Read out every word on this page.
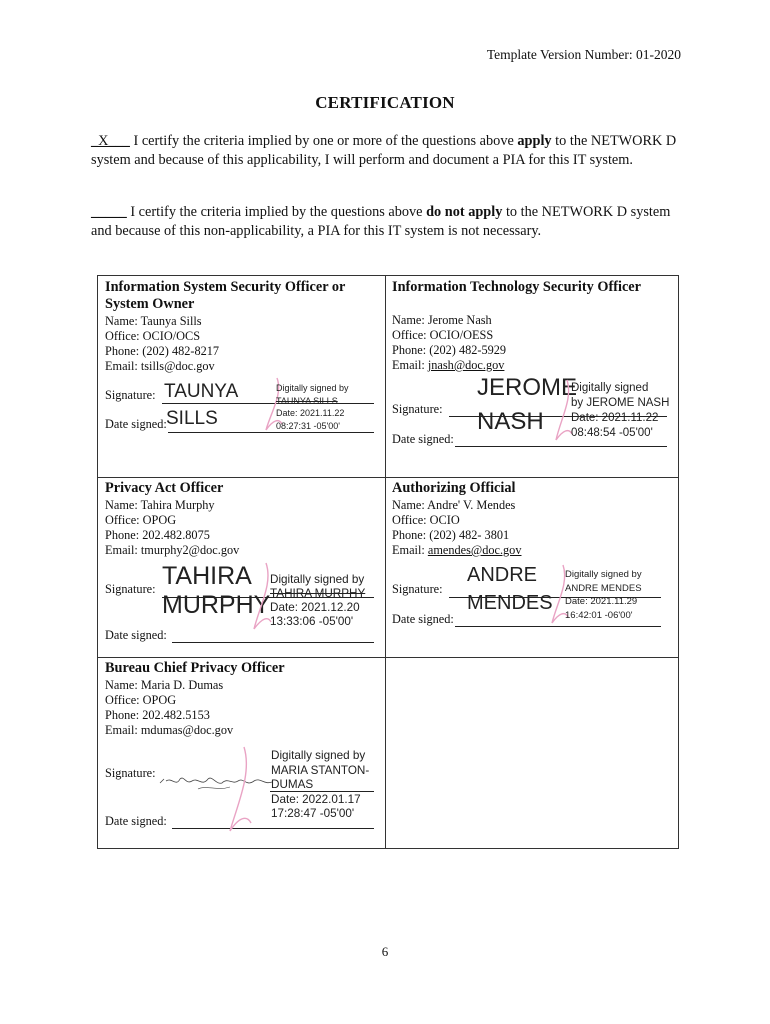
Template Version Number: 01-2020
CERTIFICATION
_X___ I certify the criteria implied by one or more of the questions above apply to the NETWORK D system and because of this applicability, I will perform and document a PIA for this IT system.
_____ I certify the criteria implied by the questions above do not apply to the NETWORK D system and because of this non-applicability, a PIA for this IT system is not necessary.
Information System Security Officer or System Owner
Name: Taunya Sills
Office: OCIO/OCS
Phone: (202) 482-8217
Email: tsills@doc.gov
Signature: TAUNYA
Date signed: SILLS
Digitally signed by
TAUNYA SILLS
Date: 2021.11.22
08:27:31 -05'00'
Information Technology Security Officer
Name: Jerome Nash
Office: OCIO/OESS
Phone: (202) 482-5929
Email: jnash@doc.gov
Signature:
JEROME
Date signed:
NASH
Digitally signed
by JEROME NASH
Date: 2021.11.22
08:48:54 -05'00'
Privacy Act Officer
Name: Tahira Murphy
Office: OPOG
Phone: 202.482.8075
Email: tmurphy2@doc.gov
Signature: TAHIRA
MURPHY
Date signed:
Digitally signed by
TAHIRA MURPHY
Date: 2021.12.20
13:33:06 -05'00'
Authorizing Official
Name: Andre' V. Mendes
Office: OCIO
Phone: (202) 482- 3801
Email: amendes@doc.gov
Signature:
ANDRE
MENDES
Date signed:
Digitally signed by
ANDRE MENDES
Date: 2021.11.29
16:42:01 -06'00'
Bureau Chief Privacy Officer
Name: Maria D. Dumas
Office: OPOG
Phone: 202.482.5153
Email: mdumas@doc.gov
Signature:
Date signed:
Digitally signed by
MARIA STANTON-
DUMAS
Date: 2022.01.17
17:28:47 -05'00'
6
